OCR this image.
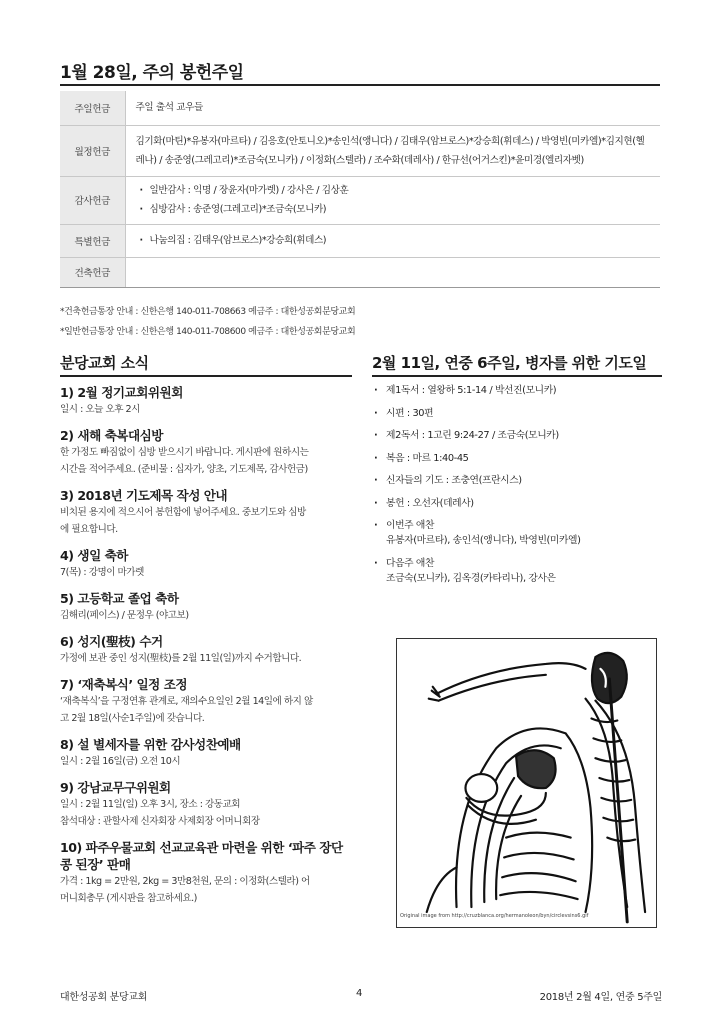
1월 28일, 주의 봉헌주일
주일헌금	주일 출석 교우들
월정헌금	김기화(마틴)*유봉자(마르타) / 김응호(안토니오)*송인석(앵니다) / 김태우(암브로스)*강승희(휘데스) / 박영빈(미카엘)*김지현(헬레나) / 송준영(그레고리)*조금숙(모니카) / 이정화(스텔라) / 조수화(데레사) / 한규선(어거스킨)*윤미경(엘리자벳)
감사헌금	· 일반감사 : 익명 / 장윤자(마가렛) / 강사은 / 김상훈
· 심방감사 : 송준영(그레고리)*조금숙(모니카)

특별헌금	· 나눔의집 : 김태우(암브로스)*강승희(휘데스)

건축헌금	
*건축헌금통장 안내 : 신한은행 140-011-708663 예금주 : 대한성공회분당교회
*일반헌금통장 안내 : 신한은행 140-011-708600 예금주 : 대한성공회분당교회
분당교회 소식
1) 2월 정기교회위원회

일시 : 오늘 오후 2시

2) 새해 축복대심방

한 가정도 빠짐없이 심방 받으시기 바랍니다. 게시판에 원하시는

시간을 적어주세요. (준비물 : 십자가, 양초, 기도제목, 감사헌금)

3) 2018년 기도제목 작성 안내

비치된 용지에 적으시어 봉헌함에 넣어주세요. 중보기도와 심방

에 필요합니다.

4) 생일 축하

7(목) : 강명이 마가렛

5) 고등학교 졸업 축하

김해리(페이스) / 문정우 (야고보)

6) 성지(聖枝) 수거

가정에 보관 중인 성지(聖枝)를 2월 11일(일)까지 수거합니다.

7) ‘재축복식’ 일정 조정

‘재축복식’을 구정연휴 관계로, 재의수요일인 2월 14일에 하지 않

고 2월 18일(사순1주일)에 갖습니다.

8) 설 별세자를 위한 감사성찬예배

일시 : 2월 16일(금) 오전 10시

9) 강남교무구위원회

일시 : 2월 11일(일) 오후 3시, 장소 : 강동교회

참석대상 : 관할사제 신자회장 사제회장 어머니회장

10) 파주우물교회 선교교육관 마련을 위한 ‘파주 장단콩 된장’ 판매

가격 : 1kg = 2만원, 2kg = 3만8천원, 문의 : 이정화(스텔라) 어

머니회총무 (게시판을 참고하세요.)

2월 11일, 연중 6주일, 병자를 위한 기도일
· 제1독서 : 열왕하 5:1-14 / 박선진(모니카)
· 시편 : 30편
· 제2독서 : 1고린 9:24-27 / 조금숙(모니카)
· 복음 : 마르 1:40-45
· 신자들의 기도 : 조충연(프란시스)
· 봉헌 : 오선자(데레사)
· 이번주 애찬
유봉자(마르타), 송인석(앵니다), 박영빈(미카엘)
· 다음주 애찬
조금숙(모니카), 김옥경(카타리나), 강사은
Original image from http://cruzblanca.org/hermanoleon/byn/circlevsins6.gif
대한성공회 분당교회	4	2018년 2월 4일, 연중 5주일
